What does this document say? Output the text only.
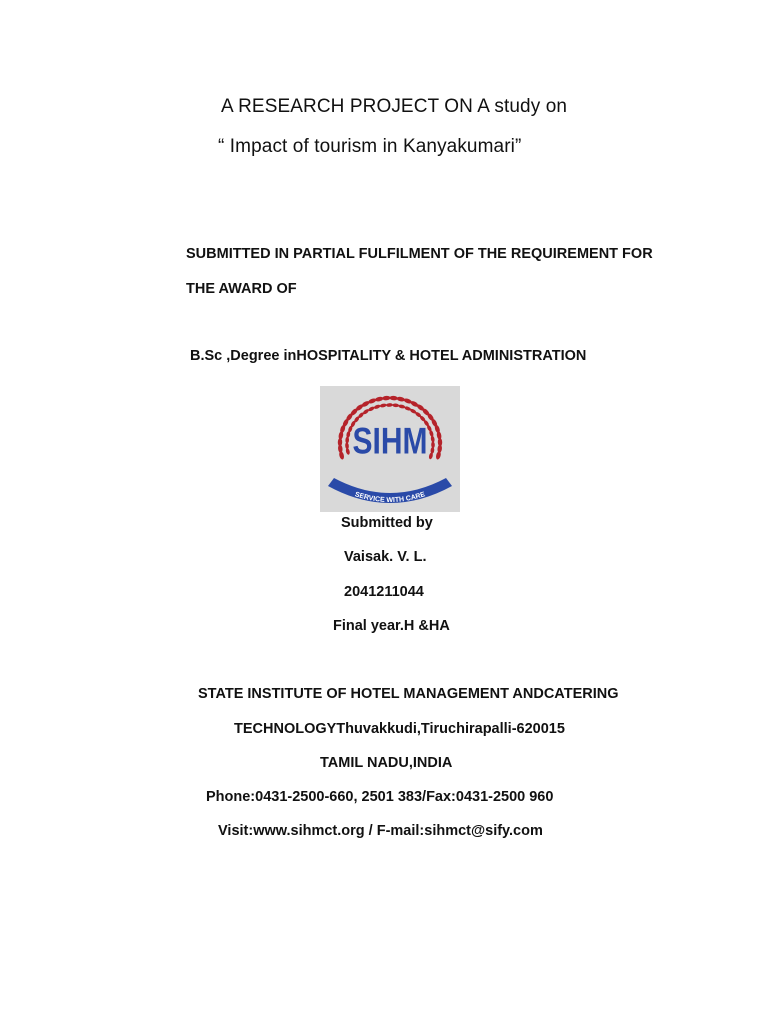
A RESEARCH PROJECT ON A study on
“ Impact of tourism in Kanyakumari”
SUBMITTED IN PARTIAL FULFILMENT OF THE REQUIREMENT FOR
THE AWARD OF
B.Sc ,Degree inHOSPITALITY & HOTEL ADMINISTRATION
SIHM
SERVICE WITH CARE
Submitted by
Vaisak. V. L.
2041211044
Final year.H &HA
STATE INSTITUTE OF HOTEL MANAGEMENT ANDCATERING
TECHNOLOGYThuvakkudi,Tiruchirapalli-620015
TAMIL NADU,INDIA
Phone:0431-2500-660, 2501 383/Fax:0431-2500 960
Visit:www.sihmct.org / F-mail:sihmct@sify.com
